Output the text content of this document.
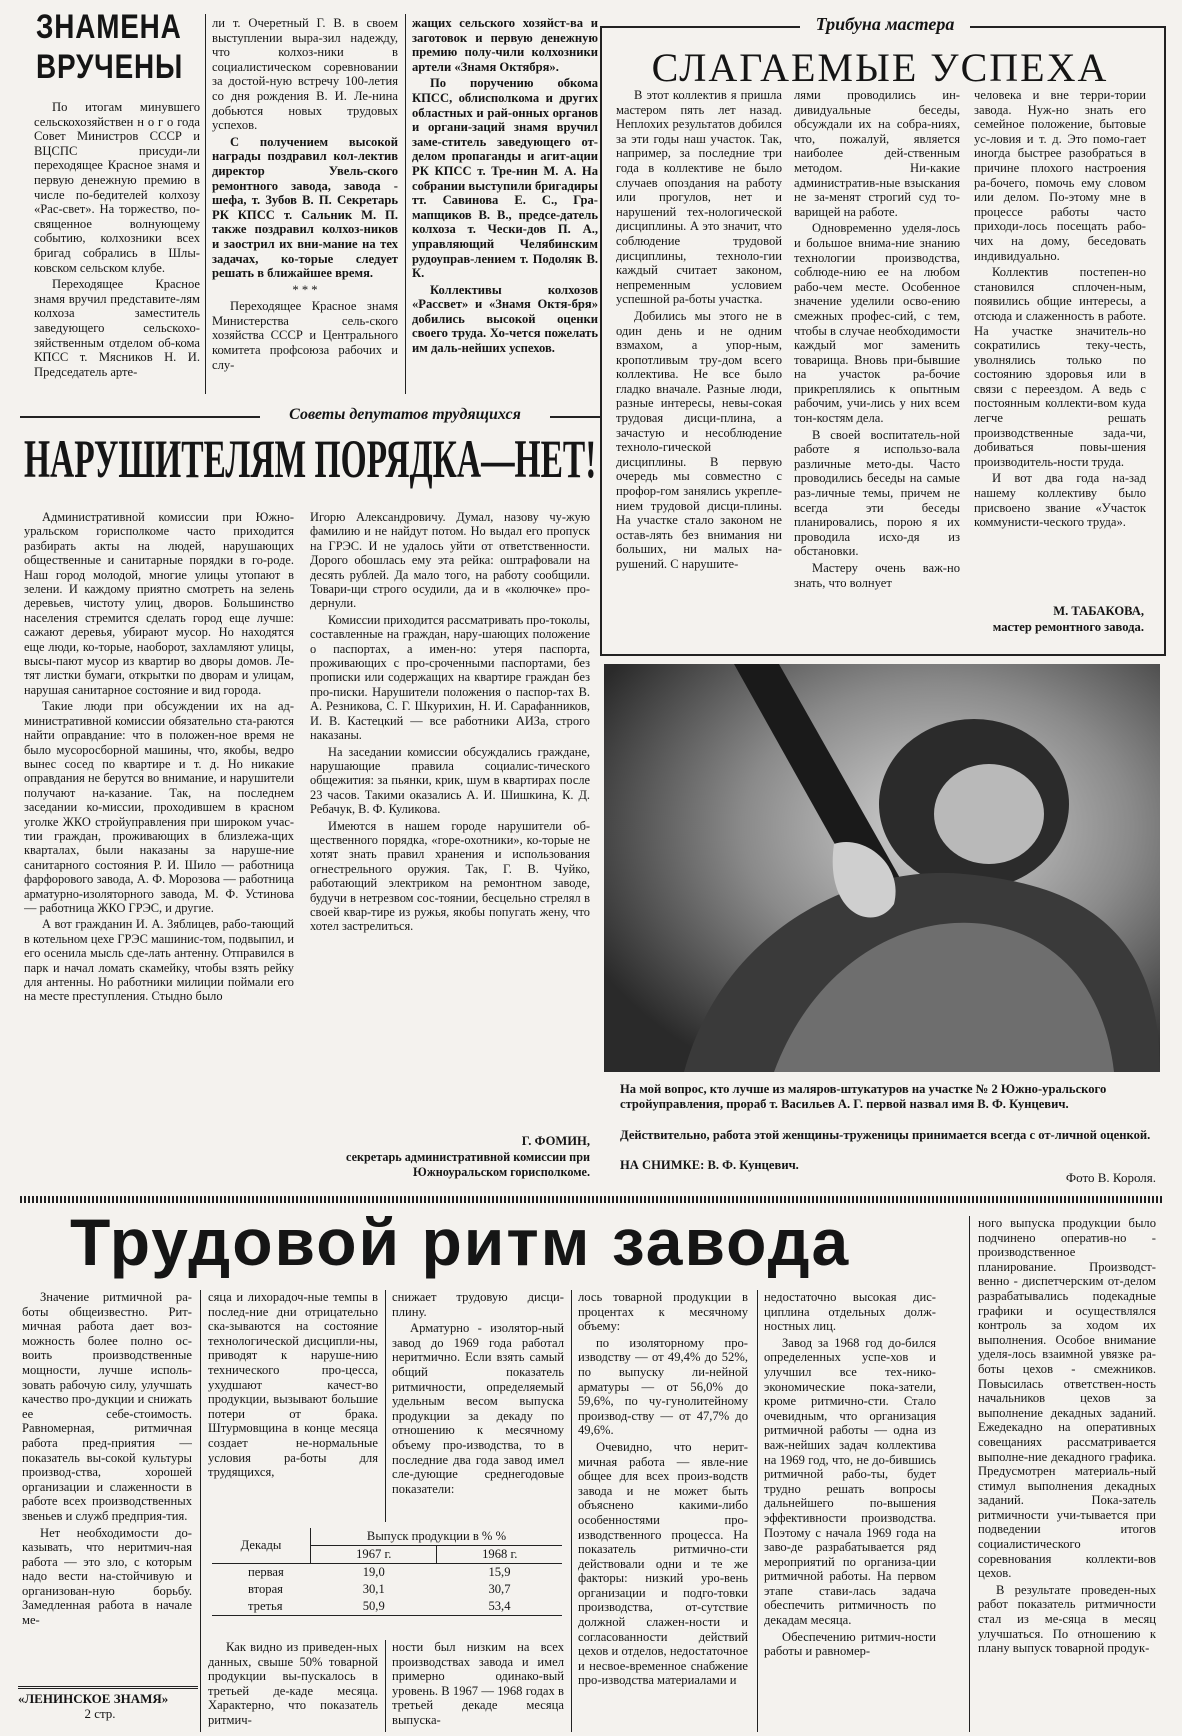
ЗНАМЕНА
ВРУЧЕНЫ

По итогам минувшего сельскохозяйствен н о г о года Совет Министров СССР и ВЦСПС присуди-ли переходящее Красное знамя и первую денежную премию в числе по-бедителей колхозу «Рас-свет». На торжество, по-священное волнующему событию, колхозники всех бригад собрались в Шлы-ковском сельском клубе.

Переходящее Красное знамя вручил представите-лям колхоза заместитель заведующего сельскохо-зяйственным отделом об-кома КПСС т. Мясников Н. И. Председатель арте-

ли т. Очеретный Г. В. в своем выступлении выра-зил надежду, что колхоз-ники в социалистическом соревновании за достой-ную встречу 100-летия со дня рождения В. И. Ле-нина добьются новых трудовых успехов.

С получением высокой награды поздравил кол-лектив директор Увель-ского ремонтного завода, завода - шефа, т. Зубов В. П. Секретарь РК КПСС т. Сальник М. П. также поздравил колхоз-ников и заострил их вни-мание на тех задачах, ко-торые следует решать в ближайшее время.

* * *

Переходящее Красное знамя Министерства сель-ского хозяйства СССР и Центрального комитета профсоюза рабочих и слу-

жащих сельского хозяйст-ва и заготовок и первую денежную премию полу-чили колхозники артели «Знамя Октября».

По поручению обкома КПСС, облисполкома и других областных и рай-онных органов и органи-заций знамя вручил заме-ститель заведующего от-делом пропаганды и агит-ации РК КПСС т. Тре-нин М. А. На собрании выступили бригадиры тт. Савинова Е. С., Гра-мапщиков В. В., предсе-датель колхоза т. Чески-дов П. А., управляющий Челябинским рудоуправ-лением т. Подоляк В. К.

Коллективы колхозов «Рассвет» и «Знамя Октя-бря» добились высокой оценки своего труда. Хо-чется пожелать им даль-нейших успехов.

Трибуна мастера
СЛАГАЕМЫЕ УСПЕХА

В этот коллектив я пришла мастером пять лет назад. Неплохих результатов добился за эти годы наш участок. Так, например, за последние три года в коллективе не было случаев опоздания на работу или прогулов, нет и нарушений тех-нологической дисциплины. А это значит, что соблюдение трудовой дисциплины, техноло-гии каждый считает законом, непременным условием успешной ра-боты участка.

Добились мы этого не в один день и не одним взмахом, а упор-ным, кропотливым тру-дом всего коллектива. Не все было гладко вначале. Разные люди, разные интересы, невы-сокая трудовая дисци-плина, а зачастую и несоблюдение техноло-гической дисциплины. В первую очередь мы совместно с профор-гом занялись укрепле-нием трудовой дисци-плины. На участке стало законом не остав-лять без внимания ни больших, ни малых на-рушений. С нарушите-

лями проводились ин-дивидуальные беседы, обсуждали их на собра-ниях, что, пожалуй, является наиболее дей-ственным методом. Ни-какие административ-ные взыскания не за-менят строгий суд то-варищей на работе.

Одновременно уделя-лось и большое внима-ние знанию технологии производства, соблюде-нию ее на любом рабо-чем месте. Особенное значение уделили осво-ению смежных профес-сий, с тем, чтобы в случае необходимости каждый мог заменить товарища. Вновь при-бывшие на участок ра-бочие прикреплялись к опытным рабочим, учи-лись у них всем тон-костям дела.

В своей воспитатель-ной работе я использо-вала различные мето-ды. Часто проводились беседы на самые раз-личные темы, причем не всегда эти беседы планировались, порою я их проводила исхо-дя из обстановки.

Мастеру очень важ-но знать, что волнует

человека и вне терри-тории завода. Нуж-но знать его семейное положение, бытовые ус-ловия и т. д. Это помо-гает иногда быстрее разобраться в причине плохого настроения ра-бочего, помочь ему словом или делом. По-этому мне в процессе работы часто приходи-лось посещать рабо-чих на дому, беседовать индивидуально.

Коллектив постепен-но становился сплочен-ным, появились общие интересы, а отсюда и слаженность в работе. На участке значитель-но сократились теку-честь, уволнялись только по состоянию здоровья или в связи с переездом. А ведь с постоянным коллекти-вом куда легче решать производственные зада-чи, добиваться повы-шения производитель-ности труда.

И вот два года на-зад нашему коллективу было присвоено звание «Участок коммунисти-ческого труда».

М. ТАБАКОВА,
мастер ремонтного завода.
Советы депутатов трудящихся
НАРУШИТЕЛЯМ ПОРЯДКА—НЕТ!

Административной комиссии при Южно-уральском горисполкоме часто приходится разбирать акты на людей, нарушающих общественные и санитарные порядки в го-роде. Наш город молодой, многие улицы утопают в зелени. И каждому приятно смотреть на зелень деревьев, чистоту улиц, дворов. Большинство населения стремится сделать город еще лучше: сажают деревья, убирают мусор. Но находятся еще люди, ко-торые, наоборот, захламляют улицы, высы-пают мусор из квартир во дворы домов. Ле-тят листки бумаги, открытки по дворам и улицам, нарушая санитарное состояние и вид города.

Такие люди при обсуждении их на ад-министративной комиссии обязательно ста-раются найти оправдание: что в положен-ное время не было мусоросборной машины, что, якобы, ведро вынес сосед по квартире и т. д. Но никакие оправдания не берутся во внимание, и нарушители получают на-казание. Так, на последнем заседании ко-миссии, проходившем в красном уголке ЖКО стройуправления при широком учас-тии граждан, проживающих в близлежа-щих кварталах, были наказаны за наруше-ние санитарного состояния Р. И. Шило — работница фарфорового завода, А. Ф. Морозова — работница арматурно-изоляторного завода, М. Ф. Устинова — работница ЖКО ГРЭС, и другие.

А вот гражданин И. А. Зяблицев, рабо-тающий в котельном цехе ГРЭС машинис-том, подвыпил, и его осенила мысль сде-лать антенну. Отправился в парк и начал ломать скамейку, чтобы взять рейку для антенны. Но работники милиции поймали его на месте преступления. Стыдно было

Игорю Александровичу. Думал, назову чу-жую фамилию и не найдут потом. Но выдал его пропуск на ГРЭС. И не удалось уйти от ответственности. Дорого обошлась ему эта рейка: оштрафовали на десять рублей. Да мало того, на работу сообщили. Товари-щи строго осудили, да и в «колючке» про-дернули.

Комиссии приходится рассматривать про-токолы, составленные на граждан, нару-шающих положение о паспортах, а имен-но: утеря паспорта, проживающих с про-сроченными паспортами, без прописки или содержащих на квартире граждан без про-писки. Нарушители положения о паспор-тах В. А. Резникова, С. Г. Шкурихин, Н. И. Сарафанников, И. В. Кастецкий — все работники АИЗа, строго наказаны.

На заседании комиссии обсуждались граждане, нарушающие правила социалис-тического общежития: за пьянки, крик, шум в квартирах после 23 часов. Такими оказались А. И. Шишкина, К. Д. Ребачук, В. Ф. Куликова.

Имеются в нашем городе нарушители об-щественного порядка, «горе-охотники», ко-торые не хотят знать правил хранения и использования огнестрельного оружия. Так, Г. В. Чуйко, работающий электриком на ремонтном заводе, будучи в нетрезвом сос-тоянии, бесцельно стрелял в своей квар-тире из ружья, якобы попугать жену, что хотел застрелиться.

Г. ФОМИН,
секретарь административной комиссии при Южноуральском горисполкоме.
На мой вопрос, кто лучше из маляров-штукатуров на участке № 2 Южно-уральского стройуправления, прораб т. Васильев А. Г. первой назвал имя В. Ф. Кунцевич.
Действительно, работа этой женщины-труженицы принимается всегда с от-личной оценкой.
НА СНИМКЕ: В. Ф. Кунцевич.
Фото В. Короля.
Трудовой ритм завода

Значение ритмичной ра-боты общеизвестно. Рит-мичная работа дает воз-можность более полно ос-воить производственные мощности, лучше исполь-зовать рабочую силу, улучшать качество про-дукции и снижать ее себе-стоимость. Равномерная, ритмичная работа пред-приятия — показатель вы-сокой культуры производ-ства, хорошей организации и слаженности в работе всех производственных звеньев и служб предприя-тия.

Нет необходимости до-казывать, что неритмич-ная работа — это зло, с которым надо вести на-стойчивую и организован-ную борьбу. Замедленная работа в начале ме-

сяца и лихорадоч-ные темпы в послед-ние дни отрицательно ска-зываются на состояние технологической дисципли-ны, приводят к наруше-нию технического про-цесса, ухудшают качест-во продукции, вызывают большие потери от брака. Штурмовщина в конце месяца создает не-нормальные условия ра-боты для трудящихся,

снижает трудовую дисци-плину.

Арматурно - изолятор-ный завод до 1969 года работал неритмично. Если взять самый общий показатель ритмичности, определяемый удельным весом выпуска продукции за декаду по отношению к месячному объему про-изводства, то в последние два года завод имел сле-дующие среднегодовые показатели:

Декады	Выпуск продукции в % %	
	1967 г.	1968 г.
первая	19,0	15,9
вторая	30,1	30,7
третья	50,9	53,4

Как видно из приведен-ных данных, свыше 50% товарной продукции вы-пускалось в третьей де-каде месяца. Характерно, что показатель ритмич-

ности был низким на всех производствах завода и имел примерно одинако-вый уровень. В 1967 — 1968 годах в третьей декаде месяца выпуска-

лось товарной продукции в процентах к месячному объему:

по изоляторному про-изводству — от 49,4% до 52%, по выпуску ли-нейной арматуры — от 56,0% до 59,6%, по чу-гунолитейному производ-ству — от 47,7% до 49,6%.

Очевидно, что нерит-мичная работа — явле-ние общее для всех произ-водств завода и не может быть объяснено какими-либо особенностями про-изводственного процесса. На показатель ритмично-сти действовали одни и те же факторы: низкий уро-вень организации и подго-товки производства, от-сутствие должной слажен-ности и согласованности действий цехов и отделов, недостаточное и несвое-временное снабжение про-изводства материалами и

недостаточно высокая дис-циплина отдельных долж-ностных лиц.

Завод за 1968 год до-бился определенных успе-хов и улучшил все тех-нико-экономические пока-затели, кроме ритмично-сти. Стало очевидным, что организация ритмичной работы — одна из важ-нейших задач коллектива на 1969 год, что, не до-бившись ритмичной рабо-ты, будет трудно решать вопросы дальнейшего по-вышения эффективности производства. Поэтому с начала 1969 года на заво-де разрабатывается ряд мероприятий по организа-ции ритмичной работы. На первом этапе стави-лась задача обеспечить ритмичность по декадам месяца.

Обеспечению ритмич-ности работы и равномер-

ного выпуска продукции было подчинено оператив-но - производственное планирование. Производст-венно - диспетчерским от-делом разрабатывались подекадные графики и осуществлялся контроль за ходом их выполнения. Особое внимание уделя-лось взаимной увязке ра-боты цехов - смежников. Повысилась ответствен-ность начальников цехов за выполнение декадных заданий. Ежедекадно на оперативных совещаниях рассматривается выполне-ние декадного графика. Предусмотрен материаль-ный стимул выполнения декадных заданий. Пока-затель ритмичности учи-тывается при подведении итогов социалистического соревнования коллекти-вов цехов.

В результате проведен-ных работ показатель ритмичности стал из ме-сяца в месяц улучшаться. По отношению к плану выпуск товарной продук-

«ЛЕНИНСКОЕ ЗНАМЯ»
2 стр.
